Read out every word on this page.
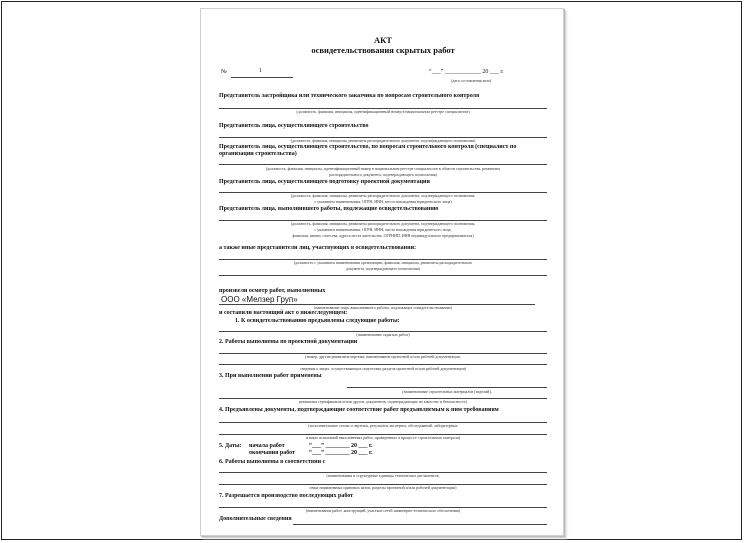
АКТ
освидетельствования скрытых работ
№	1	“___” ____________ 20 ___ г.
(дата составления акта)
Представитель застройщика или технического заказчика по вопросам строительного контроля
(должность, фамилия, инициалы, идентификационный номер в национальном реестре специалистов)
Представитель лица, осуществляющего строительство
(должность, фамилия, инициалы, реквизиты распорядительного документа, подтверждающего полномочия)
Представитель лица, осуществляющего строительство, по вопросам строительного контроля (специалист по
организации строительства)
(должность, фамилия, инициалы, идентификационный номер в национальном реестре специалистов в области строительства, реквизиты
распорядительного документа, подтверждающего полномочия)
Представитель лица, осуществляющего подготовку проектной документации
(должность, фамилия, инициалы, реквизиты распорядительного документа, подтверждающего полномочия,
с указанием наименования, ОГРН, ИНН, места нахождения юридического лица)
Представитель лица, выполнившего работы, подлежащие освидетельствованию
(должность, фамилия, инициалы, реквизиты распорядительного документа, подтверждающего полномочия,
с указанием наименования, ОГРН, ИНН, места нахождения юридического лица,
фамилии, имени, отчества, адреса места жительства, ОГРНИП, ИНН индивидуального предпринимателя)
а также иные представители лиц, участвующих в освидетельствовании:
(должность с указанием наименования организации, фамилия, инициалы, реквизиты распорядительного
документа, подтверждающего полномочия)
произвели осмотр работ, выполненных
ООО «Мелзер Груп»
(наименование лица, выполнившего работы, подлежащие освидетельствованию)
и составили настоящий акт о нижеследующем:
1. К освидетельствованию предъявлены следующие работы:
(наименование скрытых работ)
2. Работы выполнены по проектной документации
(номер, другие реквизиты чертежа, наименование проектной и/или рабочей документации,
сведения о лицах, осуществляющих подготовку раздела проектной и/или рабочей документации)
3. При выполнении работ применены
(наименование строительных материалов (изделий),
реквизиты сертификатов и/или других документов, подтверждающих их качество и безопасность)
4. Предъявлены документы, подтверждающие соответствие работ предъявляемым к ним требованиям
(исполнительные схемы и чертежи, результаты экспертиз, обследований, лабораторных
и иных испытаний выполненных работ, проведенных в процессе строительного контроля)
5. Даты: начала работ
окончания работ
“___” ________ 20 ___ г.
“___” ________ 20 ___ г.
6. Работы выполнены в соответствии с
(наименования и структурные единицы технических регламентов,
иных нормативных правовых актов, разделы проектной и/или рабочей документации)
7. Разрешается производство последующих работ
(наименование работ, конструкций, участков сетей инженерно-технического обеспечения)
Дополнительные сведения
